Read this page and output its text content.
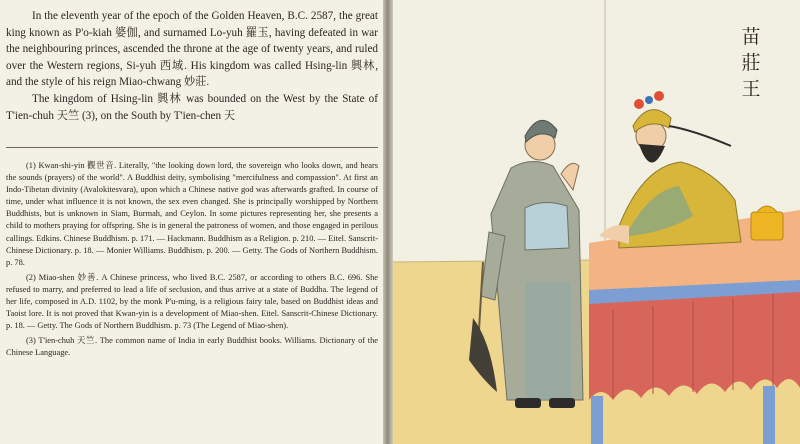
In the eleventh year of the epoch of the Golden Heaven, B.C. 2587, the great king known as P'o-kiah 婆伽, and surnamed Lo-yuh 羅玉, having defeated in war the neighbouring princes, ascended the throne at the age of twenty years, and ruled over the Western regions, Si-yuh 西域. His kingdom was called Hsing-lin 興林, and the style of his reign Miao-chwang 妙莊.

The kingdom of Hsing-lin 興林 was bounded on the West by the State of T'ien-chuh 天竺 (3), on the South by T'ien-chen 天

(1) Kwan-shi-yin 觀世音. Literally, "the looking down lord, the sovereign who looks down, and hears the sounds (prayers) of the world". A Buddhist deity, symbolising "mercifulness and compassion". At first an Indo-Tibetan divinity (Avalokitesvara), upon which a Chinese native god was afterwards grafted. In course of time, under what influence it is not known, the sex even changed. She is principally worshipped by Northern Buddhists, but is unknown in Siam, Burmah, and Ceylon. In some pictures representing her, she presents a child to mothers praying for offspring. She is in general the patroness of women, and those engaged in perilous callings. Edkins. Chinese Buddhism. p. 171. — Hackmann. Buddhism as a Religion. p. 210. — Eitel. Sanscrit-Chinese Dictionary. p. 18. — Monier Williams. Buddhism. p. 200. — Getty. The Gods of Northern Buddhism. p. 78.

(2) Miao-shen 妙善. A Chinese princess, who lived B.C. 2587, or according to others B.C. 696. She refused to marry, and preferred to lead a life of seclusion, and thus arrive at a state of Buddha. The legend of her life, composed in A.D. 1102, by the monk P'u-ming, is a religious fairy tale, based on Buddhist ideas and Taoist lore. It is not proved that Kwan-yin is a development of Miao-shen. Eitel. Sanscrit-Chinese Dictionary. p. 18. — Getty. The Gods of Northern Buddhism. p. 73 (The Legend of Miao-shen).

(3) T'ien-chuh 天竺. The common name of India in early Buddhist books. Williams. Dictionary of the Chinese Language.

苗
莊
王
